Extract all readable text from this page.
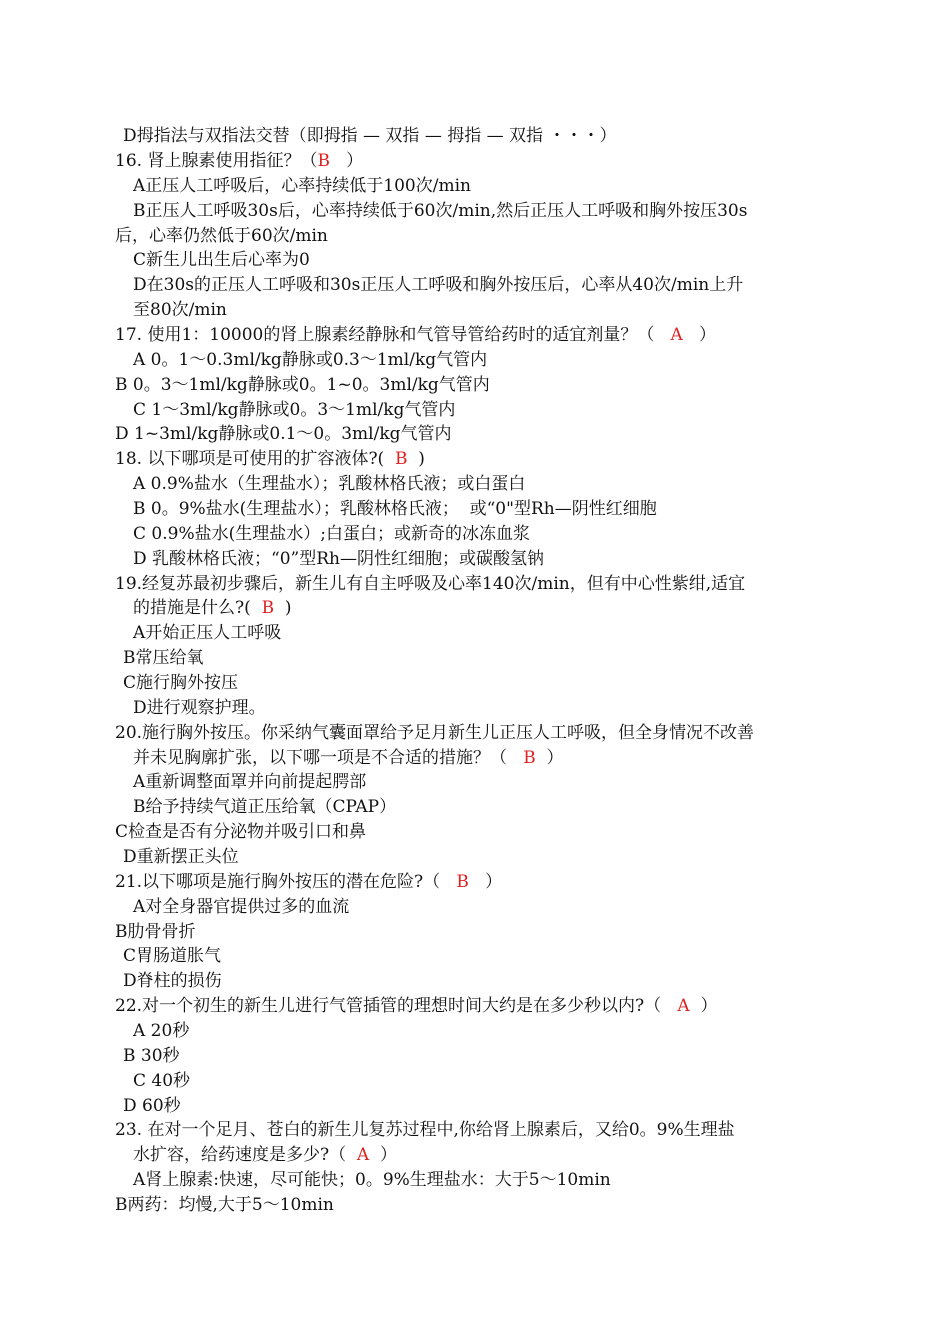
D拇指法与双指法交替（即拇指 — 双指 — 拇指 — 双指 ・・・）
16. 肾上腺素使用指征？（B   ）
A正压人工呼吸后，心率持续低于100次/min
B正压人工呼吸30s后，心率持续低于60次/min,然后正压人工呼吸和胸外按压30s
后，心率仍然低于60次/min
C新生儿出生后心率为0
D在30s的正压人工呼吸和30s正压人工呼吸和胸外按压后，心率从40次/min上升
至80次/min
17. 使用1：10000的肾上腺素经静脉和气管导管给药时的适宜剂量？（   A   ）
A 0。1～0.3ml/kg静脉或0.3～1ml/kg气管内
B 0。3～1ml/kg静脉或0。1~0。3ml/kg气管内
C 1～3ml/kg静脉或0。3～1ml/kg气管内
D 1~3ml/kg静脉或0.1～0。3ml/kg气管内
18. 以下哪项是可使用的扩容液体?(  B  )
A 0.9%盐水（生理盐水）；乳酸林格氏液；或白蛋白
B 0。9%盐水(生理盐水）；乳酸林格氏液；  或“0"型Rh—阴性红细胞
C 0.9%盐水(生理盐水）;白蛋白；或新奇的冰冻血浆
D 乳酸林格氏液；“0”型Rh—阴性红细胞；或碳酸氢钠
19.经复苏最初步骤后，新生儿有自主呼吸及心率140次/min，但有中心性紫绀,适宜
的措施是什么?(  B  )
A开始正压人工呼吸
B常压给氧
C施行胸外按压
D进行观察护理。
20.施行胸外按压。你采纳气囊面罩给予足月新生儿正压人工呼吸，但全身情况不改善
并未见胸廓扩张，以下哪一项是不合适的措施？（   B  ）
A重新调整面罩并向前提起腭部
B给予持续气道正压给氧（CPAP）
C检查是否有分泌物并吸引口和鼻
D重新摆正头位
21.以下哪项是施行胸外按压的潜在危险?（   B   ）
A对全身器官提供过多的血流
B肋骨骨折
C胃肠道胀气
D脊柱的损伤
22.对一个初生的新生儿进行气管插管的理想时间大约是在多少秒以内?（   A  ）
A 20秒
B 30秒
C 40秒
D 60秒
23. 在对一个足月、苍白的新生儿复苏过程中,你给肾上腺素后，又给0。9%生理盐
水扩容，给药速度是多少?（  A  ）
A肾上腺素:快速，尽可能快；0。9%生理盐水：大于5～10min
B两药：均慢,大于5～10min
